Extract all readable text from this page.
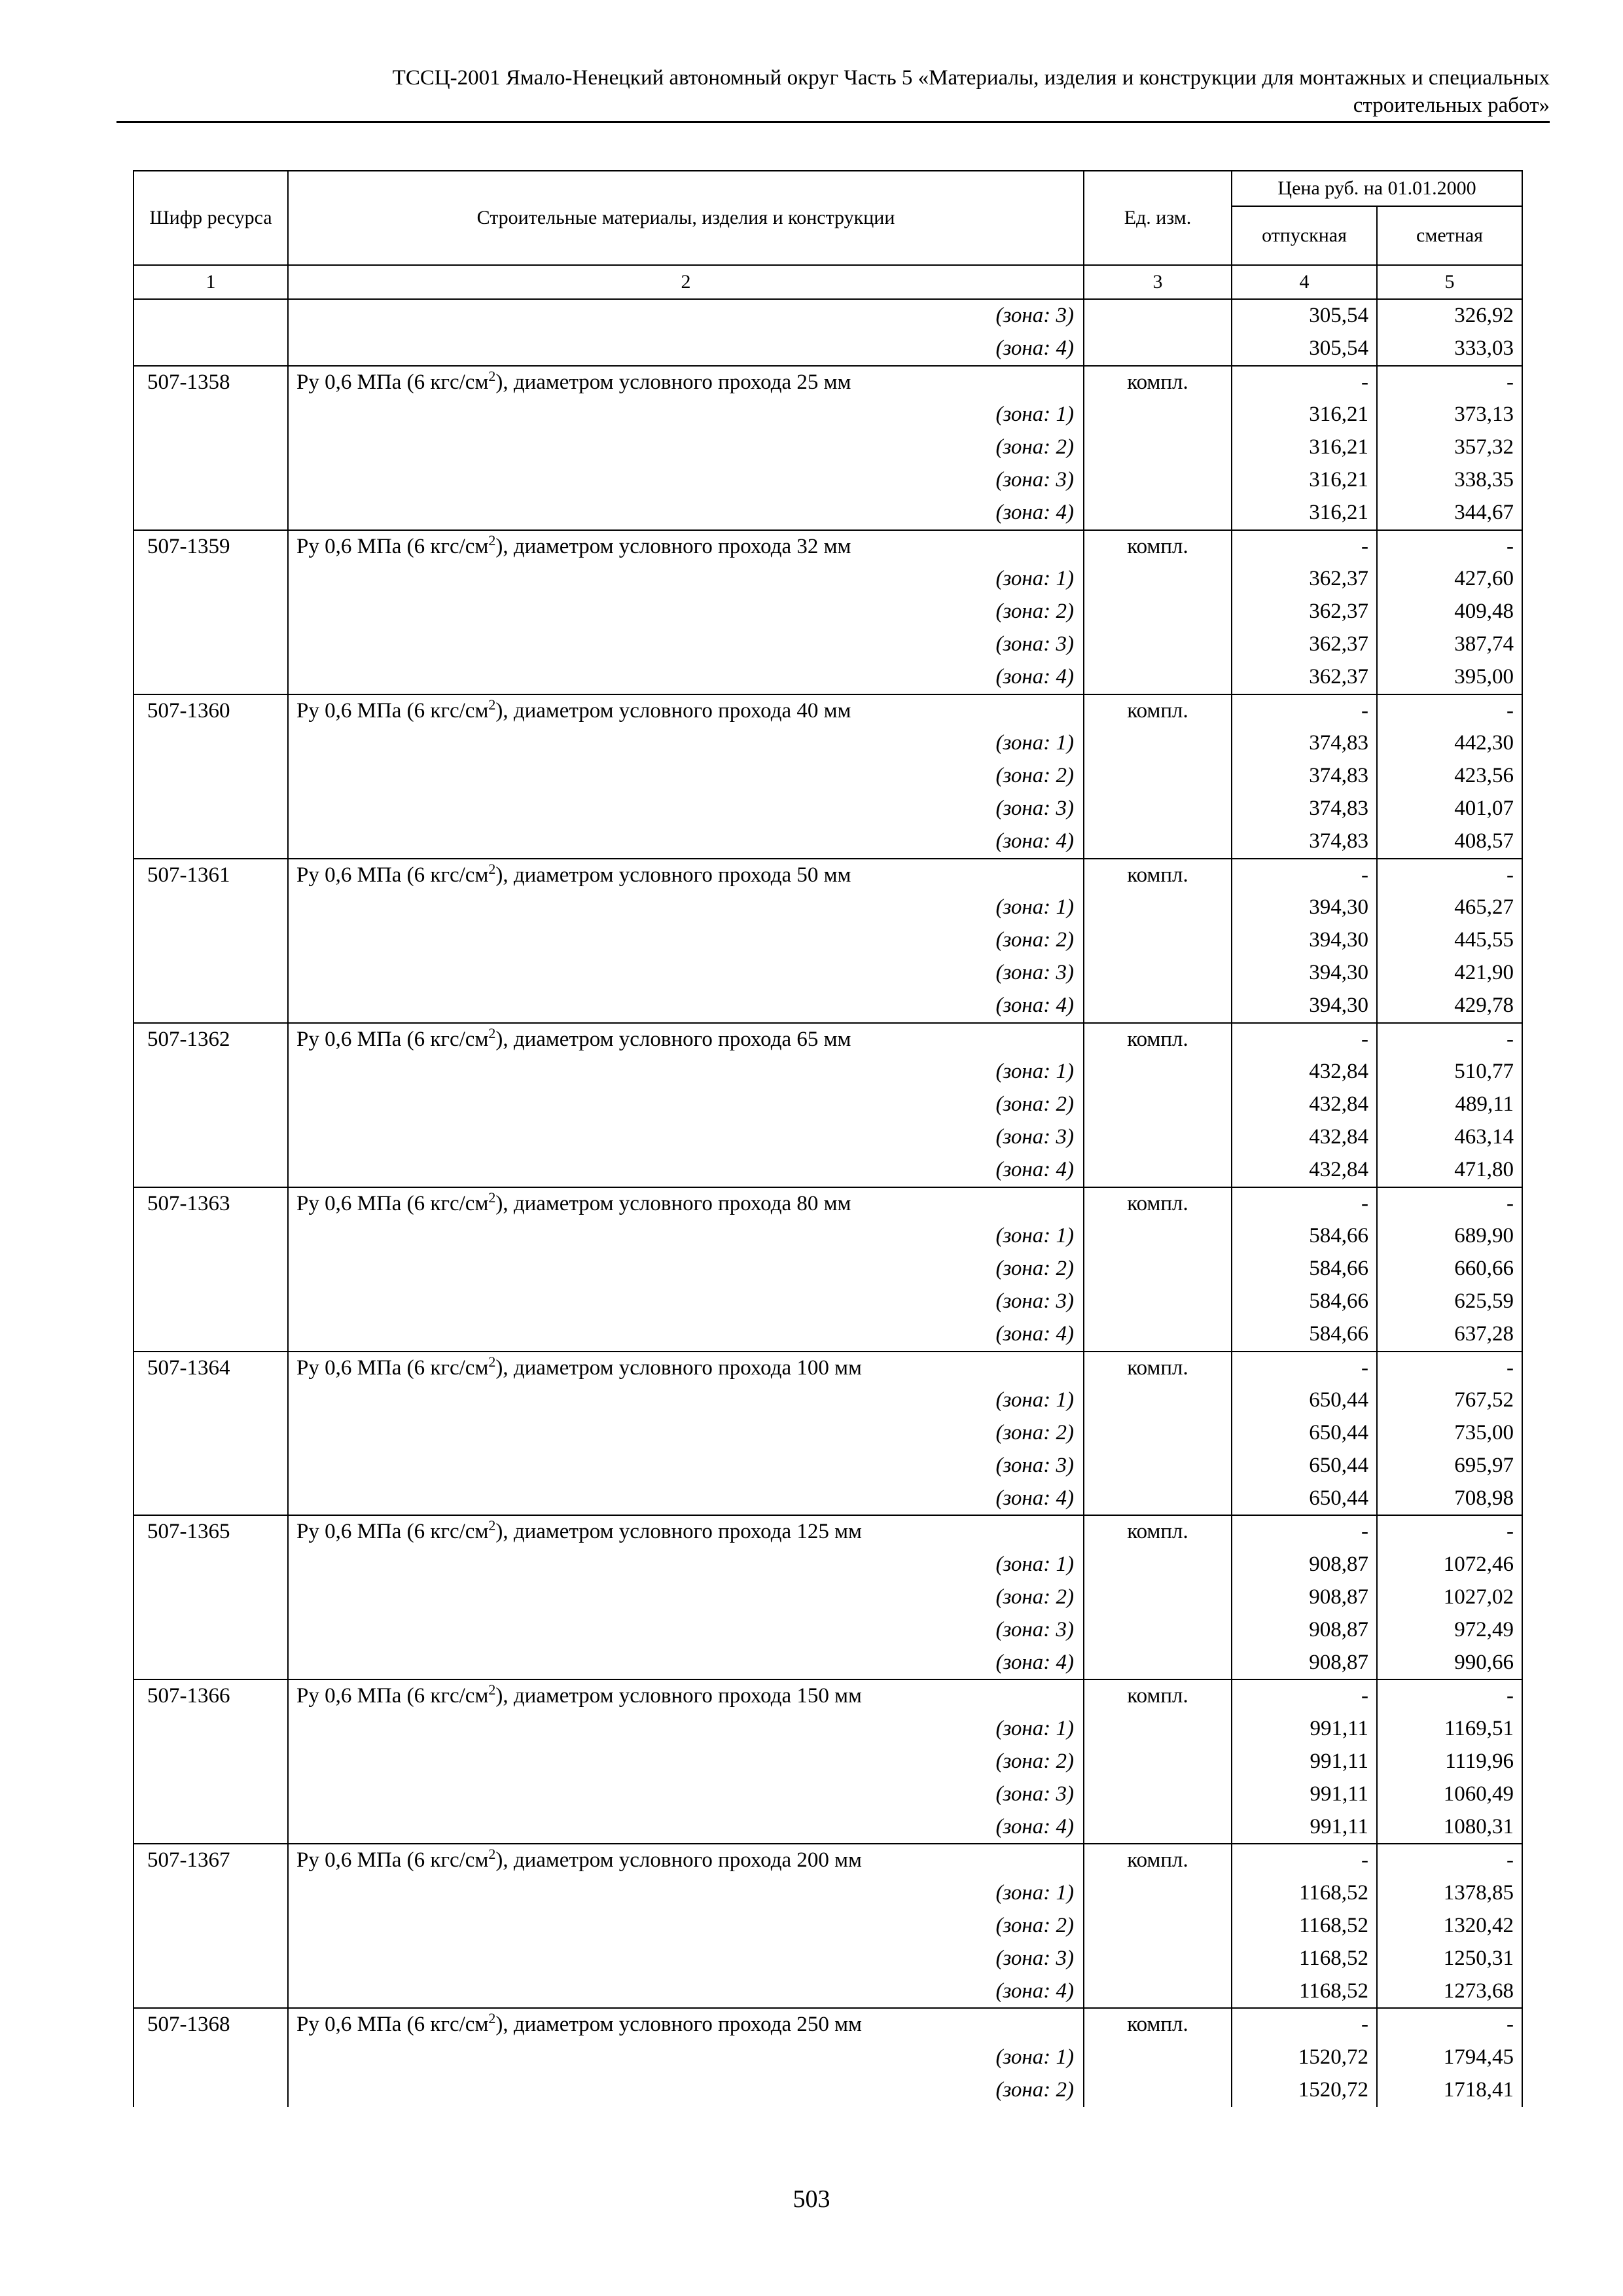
ТССЦ-2001 Ямало-Ненецкий автономный округ Часть 5 «Материалы, изделия и конструкции для монтажных и специальных
строительных работ»
Шифр ресурса	Строительные материалы, изделия и конструкции	Ед. изм.	Цена руб. на 01.01.2000	
			отпускная	сметная
1	2	3	4	5
	(зона: 3)		305,54	326,92
	(зона: 4)		305,54	333,03
507-1358	Ру 0,6 МПа (6 кгс/$см^2$), диаметром условного прохода 25 мм	компл.	-	-
	(зона: 1)		316,21	373,13
	(зона: 2)		316,21	357,32
	(зона: 3)		316,21	338,35
	(зона: 4)		316,21	344,67
507-1359	Ру 0,6 МПа (6 кгс/$см^2$), диаметром условного прохода 32 мм	компл.	-	-
	(зона: 1)		362,37	427,60
	(зона: 2)		362,37	409,48
	(зона: 3)		362,37	387,74
	(зона: 4)		362,37	395,00
507-1360	Ру 0,6 МПа (6 кгс/$см^2$), диаметром условного прохода 40 мм	компл.	-	-
	(зона: 1)		374,83	442,30
	(зона: 2)		374,83	423,56
	(зона: 3)		374,83	401,07
	(зона: 4)		374,83	408,57
507-1361	Ру 0,6 МПа (6 кгс/$см^2$), диаметром условного прохода 50 мм	компл.	-	-
	(зона: 1)		394,30	465,27
	(зона: 2)		394,30	445,55
	(зона: 3)		394,30	421,90
	(зона: 4)		394,30	429,78
507-1362	Ру 0,6 МПа (6 кгс/$см^2$), диаметром условного прохода 65 мм	компл.	-	-
	(зона: 1)		432,84	510,77
	(зона: 2)		432,84	489,11
	(зона: 3)		432,84	463,14
	(зона: 4)		432,84	471,80
507-1363	Ру 0,6 МПа (6 кгс/$см^2$), диаметром условного прохода 80 мм	компл.	-	-
	(зона: 1)		584,66	689,90
	(зона: 2)		584,66	660,66
	(зона: 3)		584,66	625,59
	(зона: 4)		584,66	637,28
507-1364	Ру 0,6 МПа (6 кгс/$см^2$), диаметром условного прохода 100 мм	компл.	-	-
	(зона: 1)		650,44	767,52
	(зона: 2)		650,44	735,00
	(зона: 3)		650,44	695,97
	(зона: 4)		650,44	708,98
507-1365	Ру 0,6 МПа (6 кгс/$см^2$), диаметром условного прохода 125 мм	компл.	-	-
	(зона: 1)		908,87	1072,46
	(зона: 2)		908,87	1027,02
	(зона: 3)		908,87	972,49
	(зона: 4)		908,87	990,66
507-1366	Ру 0,6 МПа (6 кгс/$см^2$), диаметром условного прохода 150 мм	компл.	-	-
	(зона: 1)		991,11	1169,51
	(зона: 2)		991,11	1119,96
	(зона: 3)		991,11	1060,49
	(зона: 4)		991,11	1080,31
507-1367	Ру 0,6 МПа (6 кгс/$см^2$), диаметром условного прохода 200 мм	компл.	-	-
	(зона: 1)		1168,52	1378,85
	(зона: 2)		1168,52	1320,42
	(зона: 3)		1168,52	1250,31
	(зона: 4)		1168,52	1273,68
507-1368	Ру 0,6 МПа (6 кгс/$см^2$), диаметром условного прохода 250 мм	компл.	-	-
	(зона: 1)		1520,72	1794,45
	(зона: 2)		1520,72	1718,41
503
